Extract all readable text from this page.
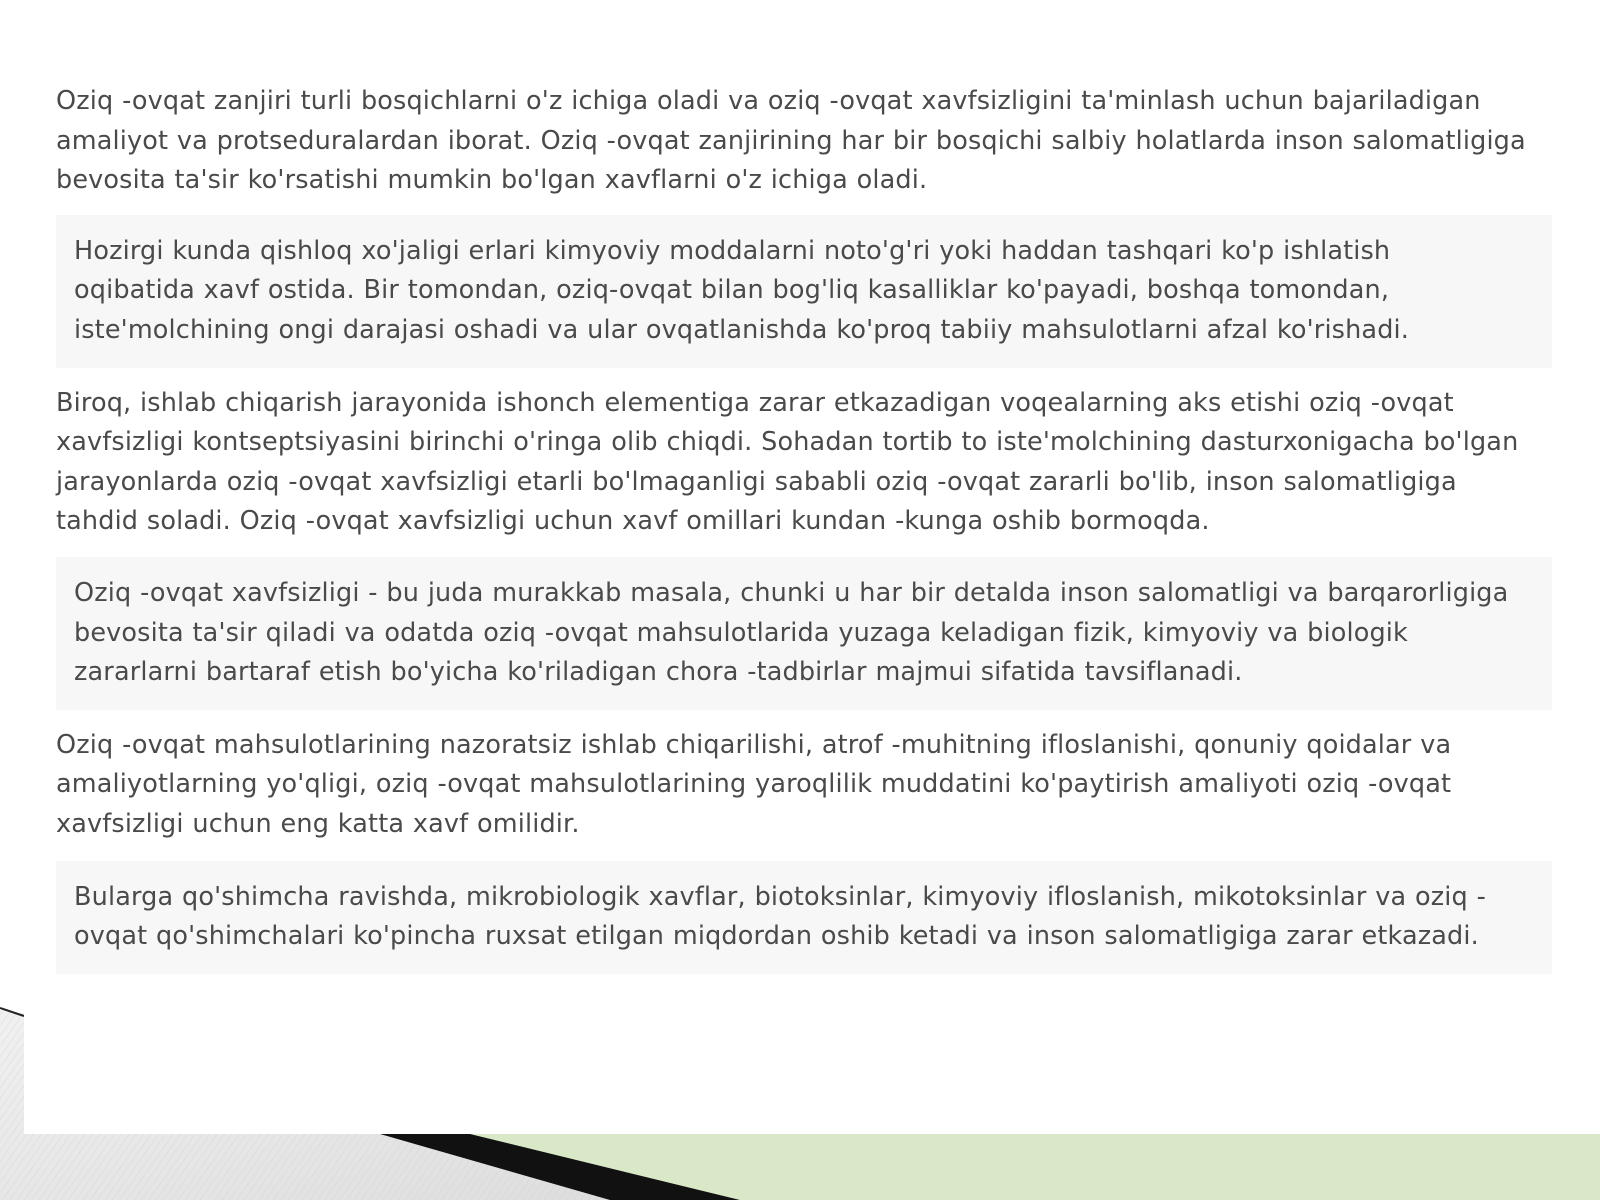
Oziq -ovqat zanjiri turli bosqichlarni o'z ichiga oladi va oziq -ovqat xavfsizligini ta'minlash uchun bajariladigan amaliyot va protseduralardan iborat. Oziq -ovqat zanjirining har bir bosqichi salbiy holatlarda inson salomatligiga bevosita ta'sir ko'rsatishi mumkin bo'lgan xavflarni o'z ichiga oladi.

Hozirgi kunda qishloq xo'jaligi erlari kimyoviy moddalarni noto'g'ri yoki haddan tashqari ko'p ishlatish oqibatida xavf ostida. Bir tomondan, oziq-ovqat bilan bog'liq kasalliklar ko'payadi, boshqa tomondan, iste'molchining ongi darajasi oshadi va ular ovqatlanishda ko'proq tabiiy mahsulotlarni afzal ko'rishadi.

Biroq, ishlab chiqarish jarayonida ishonch elementiga zarar etkazadigan voqealarning aks etishi oziq -ovqat xavfsizligi kontseptsiyasini birinchi o'ringa olib chiqdi. Sohadan tortib to iste'molchining dasturxonigacha bo'lgan jarayonlarda oziq -ovqat xavfsizligi etarli bo'lmaganligi sababli oziq -ovqat zararli bo'lib, inson salomatligiga tahdid soladi. Oziq -ovqat xavfsizligi uchun xavf omillari kundan -kunga oshib bormoqda.

Oziq -ovqat xavfsizligi - bu juda murakkab masala, chunki u har bir detalda inson salomatligi va barqarorligiga bevosita ta'sir qiladi va odatda oziq -ovqat mahsulotlarida yuzaga keladigan fizik, kimyoviy va biologik zararlarni bartaraf etish bo'yicha ko'riladigan chora -tadbirlar majmui sifatida tavsiflanadi.

Oziq -ovqat mahsulotlarining nazoratsiz ishlab chiqarilishi, atrof -muhitning ifloslanishi, qonuniy qoidalar va amaliyotlarning yo'qligi, oziq -ovqat mahsulotlarining yaroqlilik muddatini ko'paytirish amaliyoti oziq -ovqat xavfsizligi uchun eng katta xavf omilidir.

Bularga qo'shimcha ravishda, mikrobiologik xavflar, biotoksinlar, kimyoviy ifloslanish, mikotoksinlar va oziq -ovqat qo'shimchalari ko'pincha ruxsat etilgan miqdordan oshib ketadi va inson salomatligiga zarar etkazadi.
